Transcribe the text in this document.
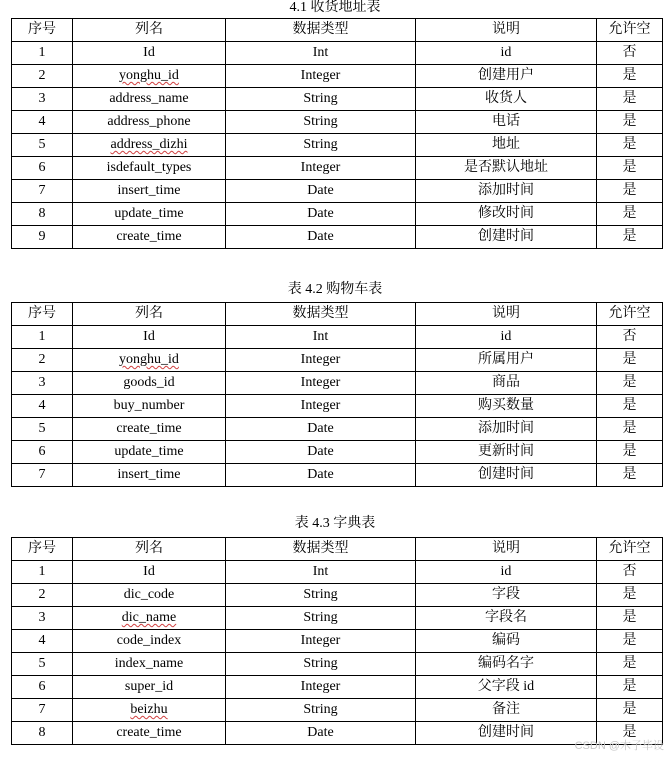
4.1 收货地址表
序号	列名	数据类型	说明	允许空
1	Id	Int	id	否
2	yonghu_id	Integer	创建用户	是
3	address_name	String	收货人	是
4	address_phone	String	电话	是
5	address_dizhi	String	地址	是
6	isdefault_types	Integer	是否默认地址	是
7	insert_time	Date	添加时间	是
8	update_time	Date	修改时间	是
9	create_time	Date	创建时间	是
表 4.2 购物车表
序号	列名	数据类型	说明	允许空
1	Id	Int	id	否
2	yonghu_id	Integer	所属用户	是
3	goods_id	Integer	商品	是
4	buy_number	Integer	购买数量	是
5	create_time	Date	添加时间	是
6	update_time	Date	更新时间	是
7	insert_time	Date	创建时间	是
表 4.3 字典表
序号	列名	数据类型	说明	允许空
1	Id	Int	id	否
2	dic_code	String	字段	是
3	dic_name	String	字段名	是
4	code_index	Integer	编码	是
5	index_name	String	编码名字	是
6	super_id	Integer	父字段 id	是
7	beizhu	String	备注	是
8	create_time	Date	创建时间	是
CSDN @木子毕设
